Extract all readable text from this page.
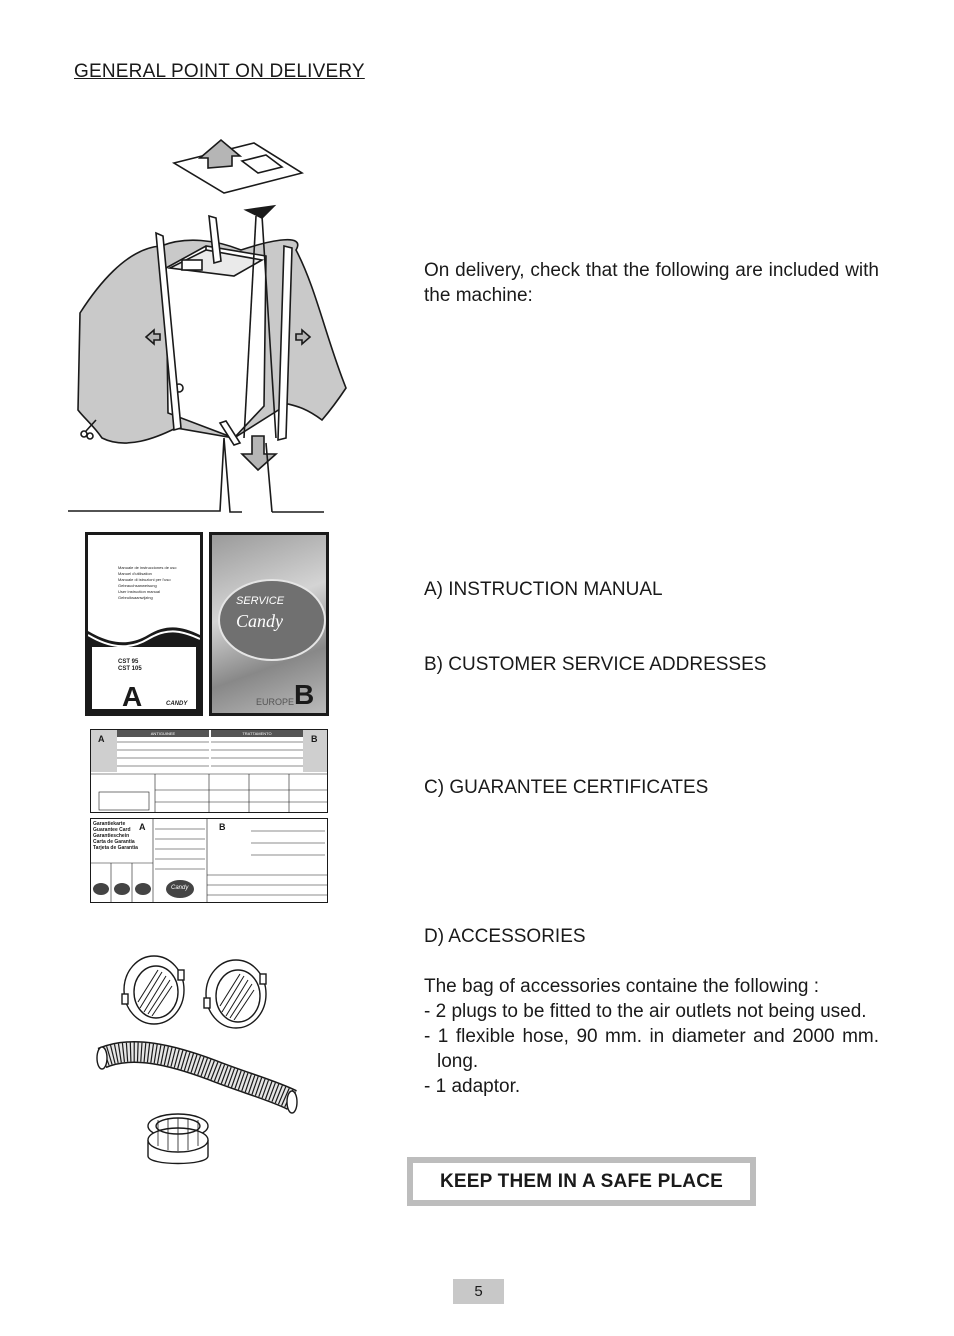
GENERAL POINT ON DELIVERY
On delivery, check that the following are included with the machine:
Manuale de instrucciones de uso
Manuel d'utilisation
Manuale di istruzioni per l'uso
Gebrauchsanweisung
User instruction manual
Gebruiksaanwijzing
CST 95
CST 105
A	CANDY
SERVICE
Candy
EUROPE B
A	B
ANTIGUINEE	TRATTAMENTO
Garantiekarte
Guarantee Card
Garantieschein
Carta de Garantia
Tarjeta de Garantia
A	B
Candy
A) INSTRUCTION MANUAL
B) CUSTOMER SERVICE ADDRESSES
C) GUARANTEE CERTIFICATES
D) ACCESSORIES
The bag of accessories containe the following :
- 2 plugs to be fitted to the air outlets not being used.
- 1 flexible hose, 90 mm. in diameter and 2000 mm. long.
- 1 adaptor.
KEEP THEM IN A SAFE PLACE
5
